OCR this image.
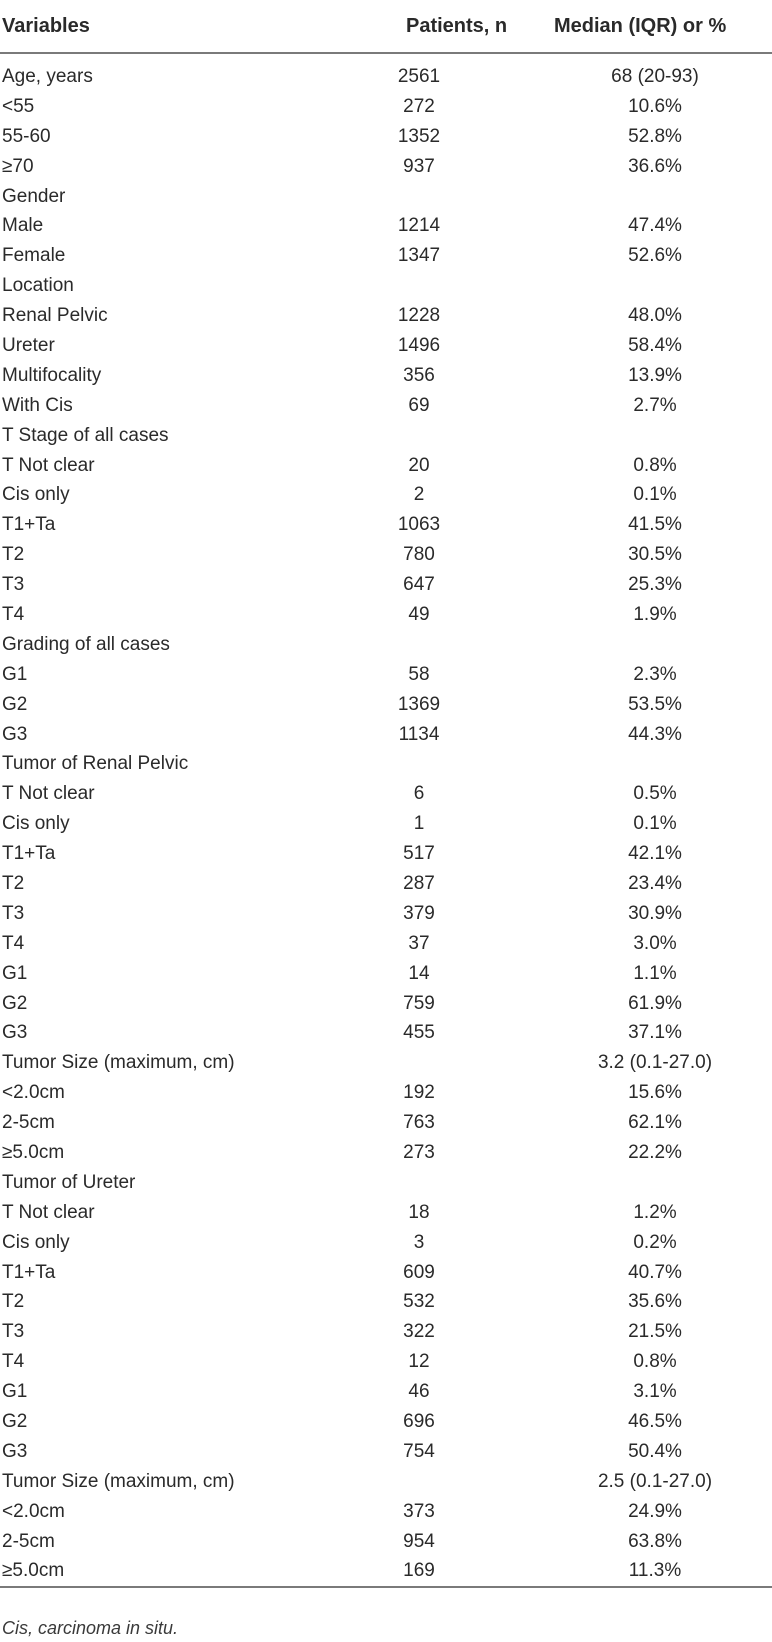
Variables	Patients, n	Median (IQR) or %
Age, years	2561	68 (20-93)
<55	272	10.6%
55-60	1352	52.8%
≥70	937	36.6%
Gender		
Male	1214	47.4%
Female	1347	52.6%
Location		
Renal Pelvic	1228	48.0%
Ureter	1496	58.4%
Multifocality	356	13.9%
With Cis	69	2.7%
T Stage of all cases		
T Not clear	20	0.8%
Cis only	2	0.1%
T1+Ta	1063	41.5%
T2	780	30.5%
T3	647	25.3%
T4	49	1.9%
Grading of all cases		
G1	58	2.3%
G2	1369	53.5%
G3	1134	44.3%
Tumor of Renal Pelvic		
T Not clear	6	0.5%
Cis only	1	0.1%
T1+Ta	517	42.1%
T2	287	23.4%
T3	379	30.9%
T4	37	3.0%
G1	14	1.1%
G2	759	61.9%
G3	455	37.1%
Tumor Size (maximum, cm)		3.2 (0.1-27.0)
<2.0cm	192	15.6%
2-5cm	763	62.1%
≥5.0cm	273	22.2%
Tumor of Ureter		
T Not clear	18	1.2%
Cis only	3	0.2%
T1+Ta	609	40.7%
T2	532	35.6%
T3	322	21.5%
T4	12	0.8%
G1	46	3.1%
G2	696	46.5%
G3	754	50.4%
Tumor Size (maximum, cm)		2.5 (0.1-27.0)
<2.0cm	373	24.9%
2-5cm	954	63.8%
≥5.0cm	169	11.3%
Cis, carcinoma in situ.
